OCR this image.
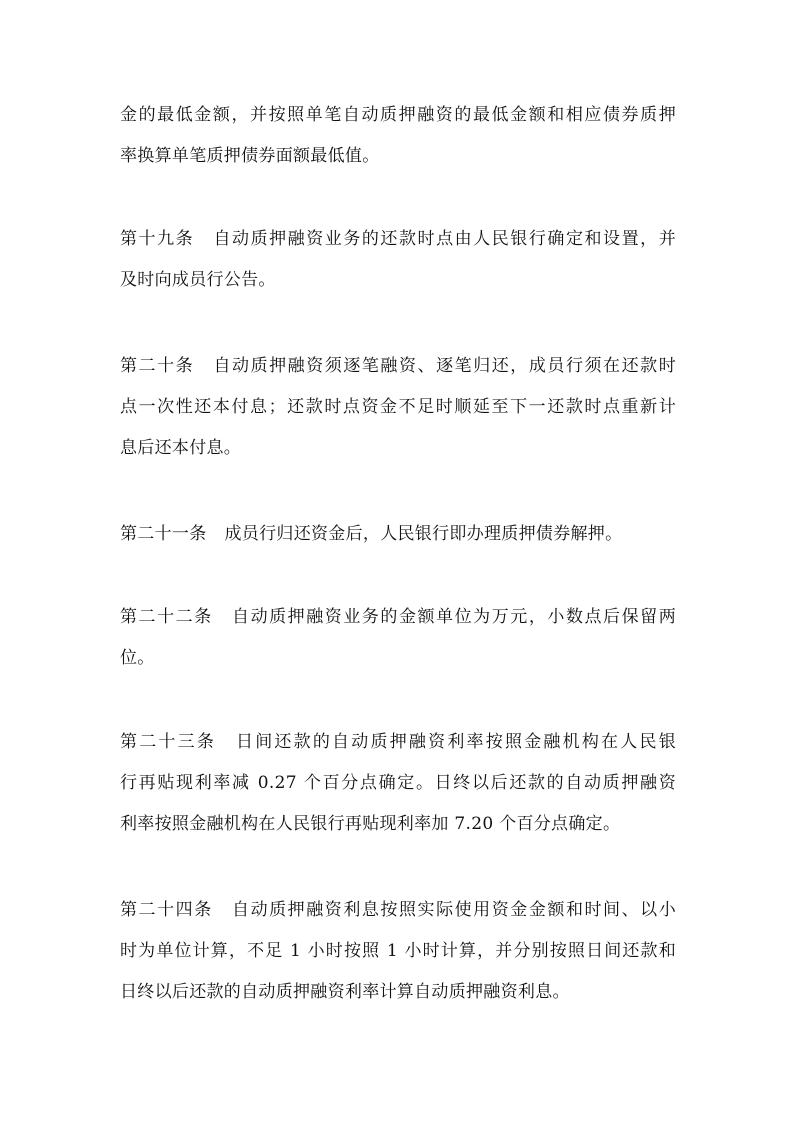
金的最低金额，并按照单笔自动质押融资的最低金额和相应债券质押
率换算单笔质押债券面额最低值。
第十九条 自动质押融资业务的还款时点由人民银行确定和设置，并
及时向成员行公告。
第二十条 自动质押融资须逐笔融资、逐笔归还，成员行须在还款时
点一次性还本付息；还款时点资金不足时顺延至下一还款时点重新计
息后还本付息。
第二十一条 成员行归还资金后，人民银行即办理质押债券解押。
第二十二条 自动质押融资业务的金额单位为万元，小数点后保留两
位。
第二十三条 日间还款的自动质押融资利率按照金融机构在人民银
行再贴现利率减 0.27 个百分点确定。日终以后还款的自动质押融资
利率按照金融机构在人民银行再贴现利率加 7.20 个百分点确定。
第二十四条 自动质押融资利息按照实际使用资金金额和时间、以小
时为单位计算，不足 1 小时按照 1 小时计算，并分别按照日间还款和
日终以后还款的自动质押融资利率计算自动质押融资利息。
